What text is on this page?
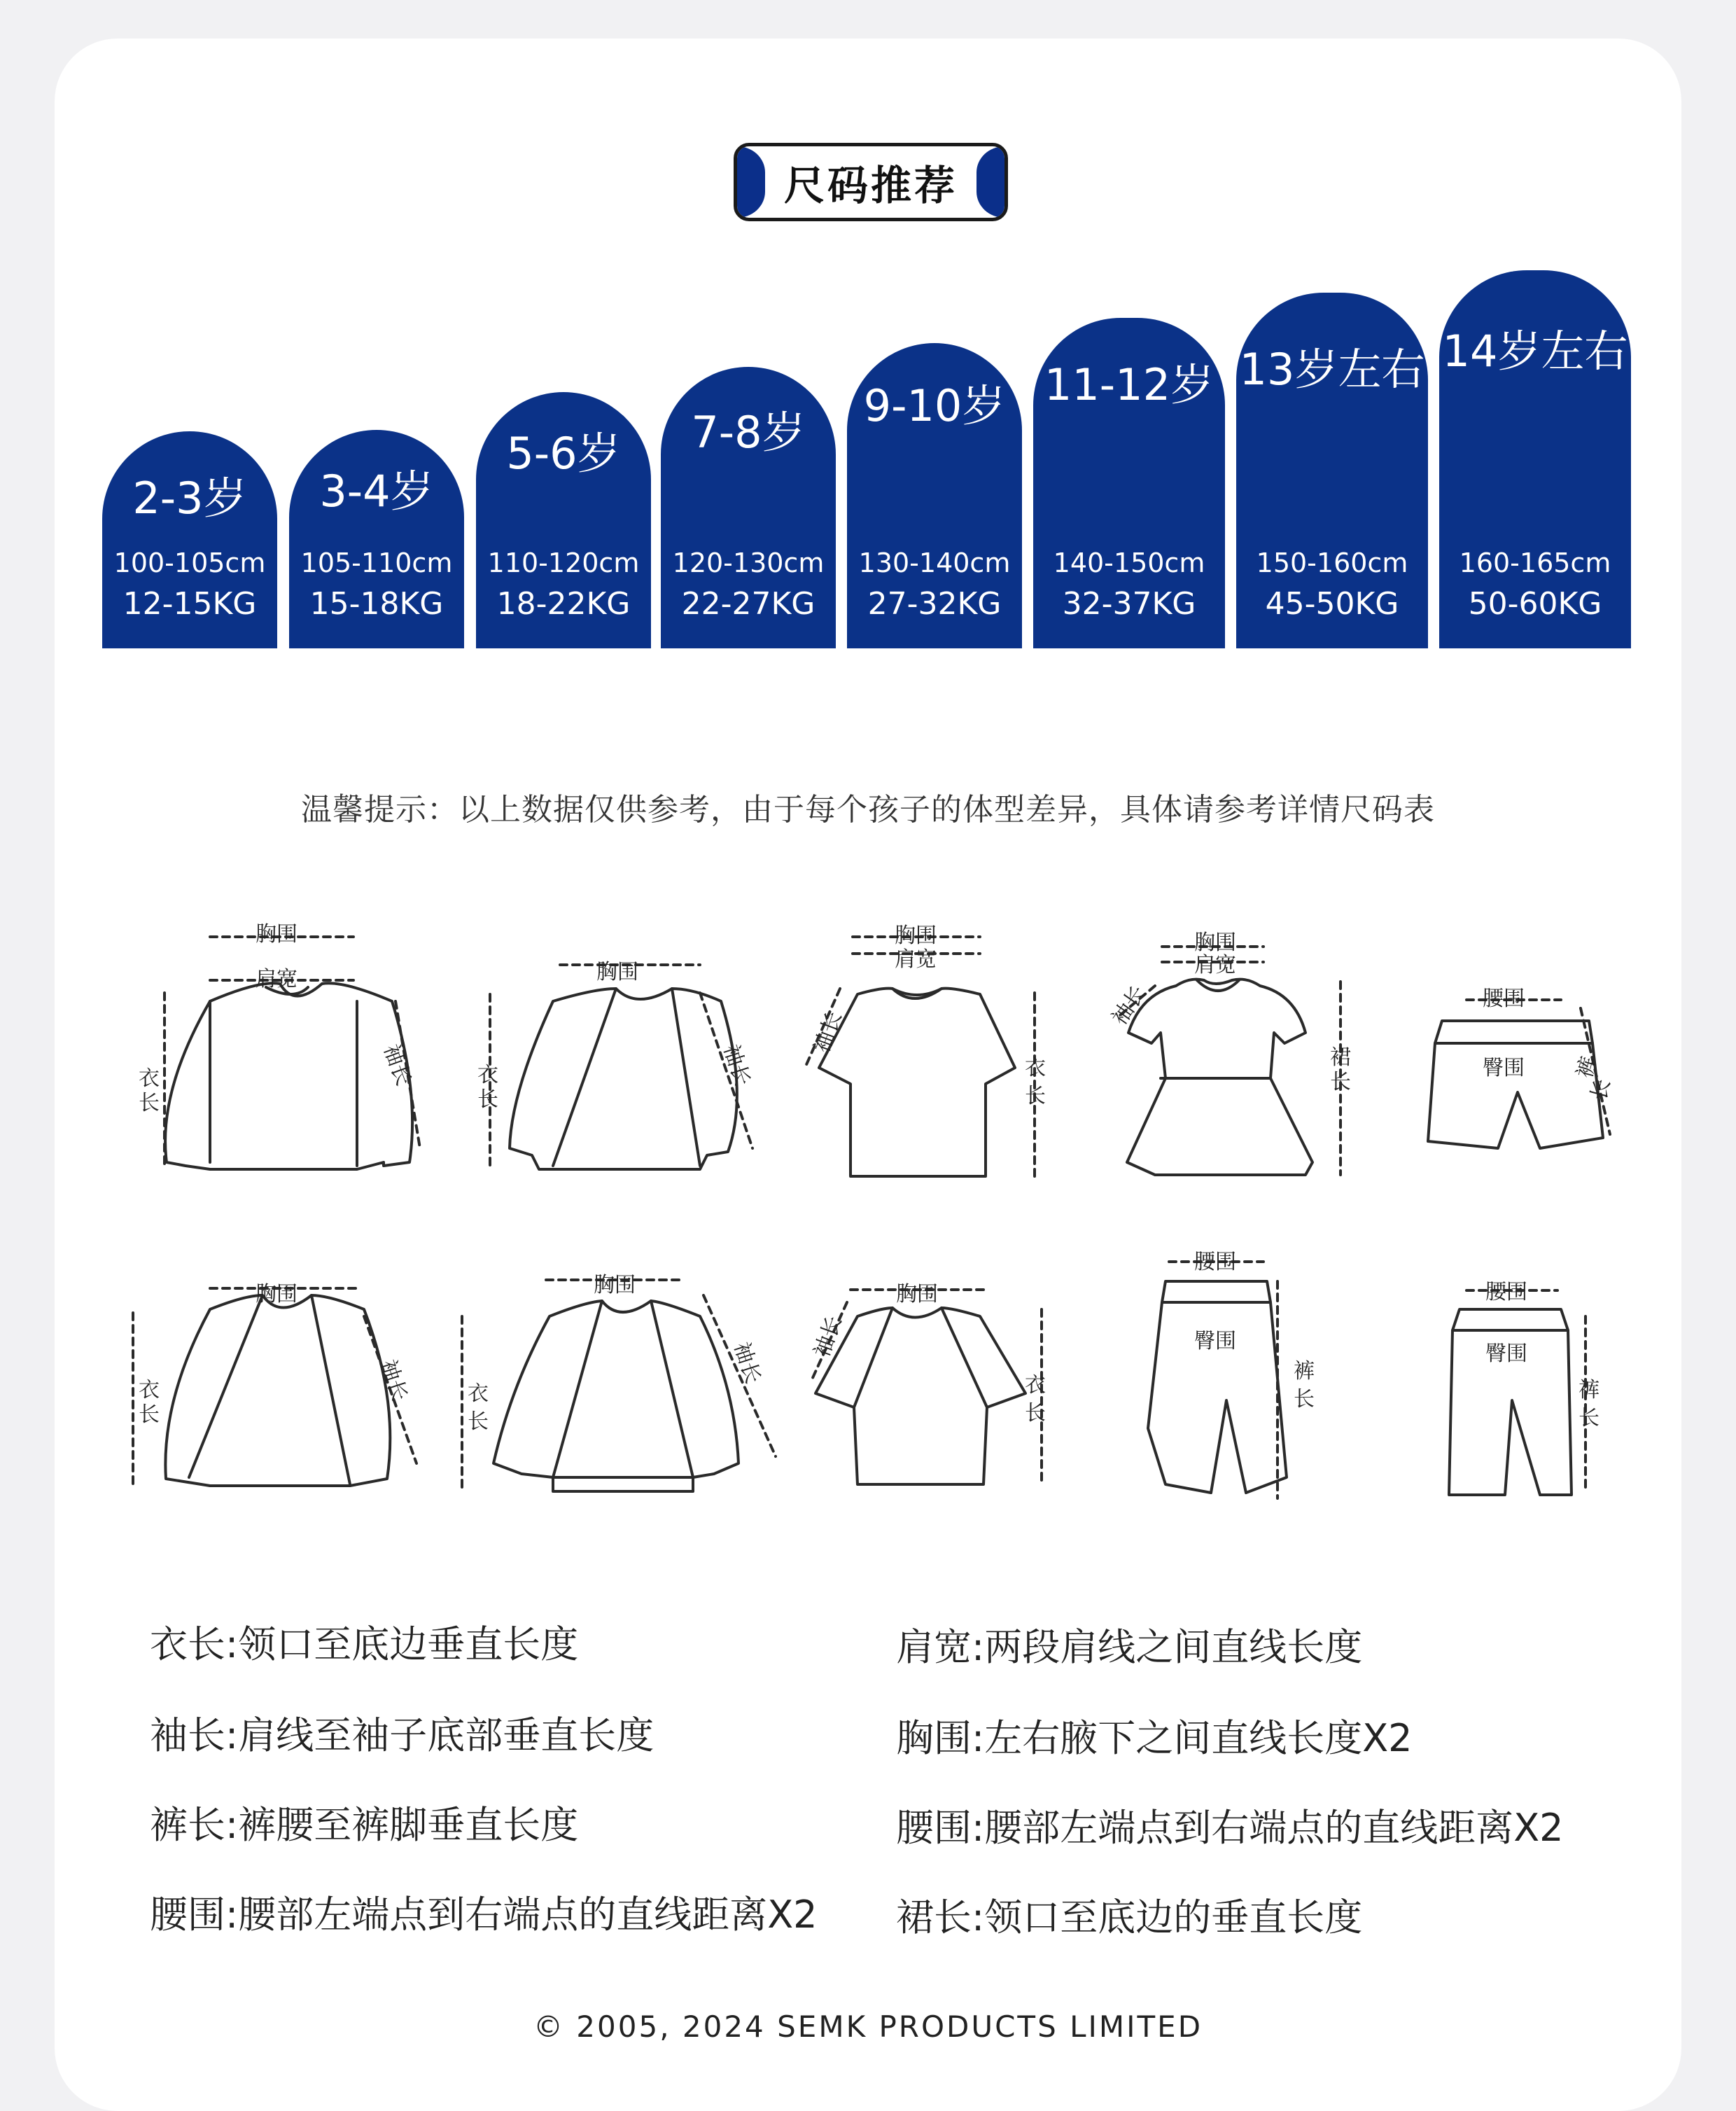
尺码推荐
2-3岁
100-105cm
12-15KG
3-4岁
105-110cm
15-18KG
5-6岁
110-120cm
18-22KG
7-8岁
120-130cm
22-27KG
9-10岁
130-140cm
27-32KG
11-12岁
140-150cm
32-37KG
13岁左右
150-160cm
45-50KG
14岁左右
160-165cm
50-60KG
温馨提示：以上数据仅供参考，由于每个孩子的体型差异，具体请参考详情尺码表
胸围
肩宽
衣
长
袖长
胸围
衣
长
袖长
胸围
肩宽
袖长
衣
长
胸围
肩宽
袖长
裙
长
腰围
臀围 裤
长
胸围
衣
长
袖长
胸围
衣
长
袖长
胸围
袖长
衣
长
腰围
臀围
裤
长
腰围
臀围
裤
长
衣长:领口至底边垂直长度
袖长:肩线至袖子底部垂直长度
裤长:裤腰至裤脚垂直长度
腰围:腰部左端点到右端点的直线距离X2
肩宽:两段肩线之间直线长度
胸围:左右腋下之间直线长度X2
腰围:腰部左端点到右端点的直线距离X2
裙长:领口至底边的垂直长度
© 2005, 2024 SEMK PRODUCTS LIMITED
